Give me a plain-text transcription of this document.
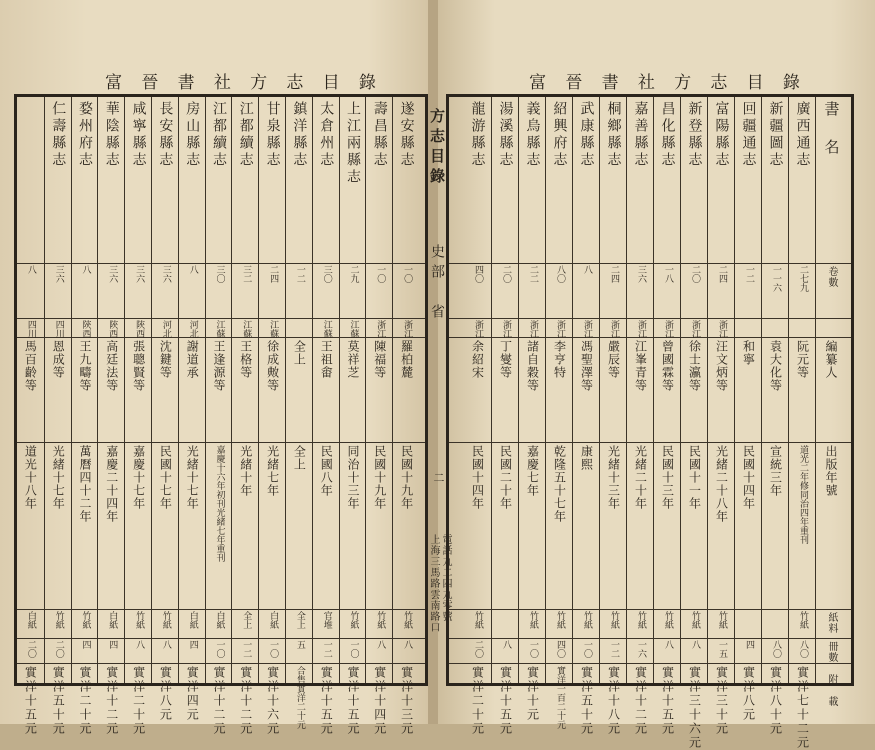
富 晉 書 社 方 志 目 錄	富 晉 書 社 方 志 目 錄
遂安縣志
一〇
浙江
羅柏麓
民國十九年
竹紙
八
實洋十三元
壽昌縣志
一〇
浙江
陳福等
民國十九年
竹紙
八
實洋十四元
上江兩縣志
二九
江蘇
莫祥芝
同治十三年
竹紙
一〇
實洋十五元
太倉州志
三〇
江蘇
王祖畬
民國八年
官堆
一二
實洋十五元
鎮洋縣志
一二
全上
全上
全上
五
合售實洋二十元
甘泉縣志
二四
江蘇
徐成敟等
光緒七年
白紙
一〇
實洋十六元
江都續志
三二
江蘇
王格等
光緒十年
全上
一二
實洋十二元
江都續志
三〇
江蘇
王逢源等
嘉慶十六年初刊光緒七年重刊
白紙
一〇
實洋十二元
房山縣志
八
河北
謝道承
光緒十七年
白紙
四
實洋四元
長安縣志
三六
河北
沈鍵等
民國十七年
竹紙
八
實洋八元
咸寧縣志
三六
陝西
張聰賢等
嘉慶十七年
竹紙
八
實洋二十元
華陰縣志
三六
陝西
高廷法等
嘉慶二十四年
白紙
四
實洋十二元
婺州府志
八
陝西
王九疇等
萬曆四十二年
竹紙
四
實洋二十元
仁壽縣志
三六
四川
恩成等
光緒十七年
竹紙
二〇
實洋五十元
八
四川
馬百齡等
道光十八年
白紙
二〇
實洋十五元
廣西通志
二七九
阮元等
道光二年修同治四年重刊
竹紙
八〇
實洋七十二元
新疆圖志
一一六
袁大化等
宣統三年
八〇
實洋八十元
回疆通志
一二
和寧
民國十四年
四
實洋八元
富陽縣志
二四
浙江
汪文炳等
光緒二十八年
竹紙
一五
實洋三十元
新登縣志
二〇
浙江
徐士瀛等
民國十一年
竹紙
八
實洋三十六元
昌化縣志
一八
浙江
曾國霖等
民國十三年
竹紙
八
實洋十五元
嘉善縣志
三六
浙江
江峯青等
光緒二十年
竹紙
一六
實洋十二元
桐鄉縣志
二四
浙江
嚴辰等
光緒十三年
竹紙
一二
實洋十八元
武康縣志
八
浙江
馮聖澤等
康熙
竹紙
一〇
實洋五十元
紹興府志
八〇
浙江
李亨特
乾隆五十七年
竹紙
四〇
實洋一百二十元
義烏縣志
二二
浙江
諸自穀等
嘉慶七年
竹紙
一〇
實洋十元
湯溪縣志
二〇
浙江
丁燮等
民國二十年
八
實洋十五元
龍游縣志
四〇
浙江
余紹宋
民國十四年
竹紙
二〇
實洋二十元
書　名
卷數
編纂人
出版年號
紙料
冊數　附　載
方志目錄
史部　省
二
上海三馬路雲南路口 電話九二四九零號
